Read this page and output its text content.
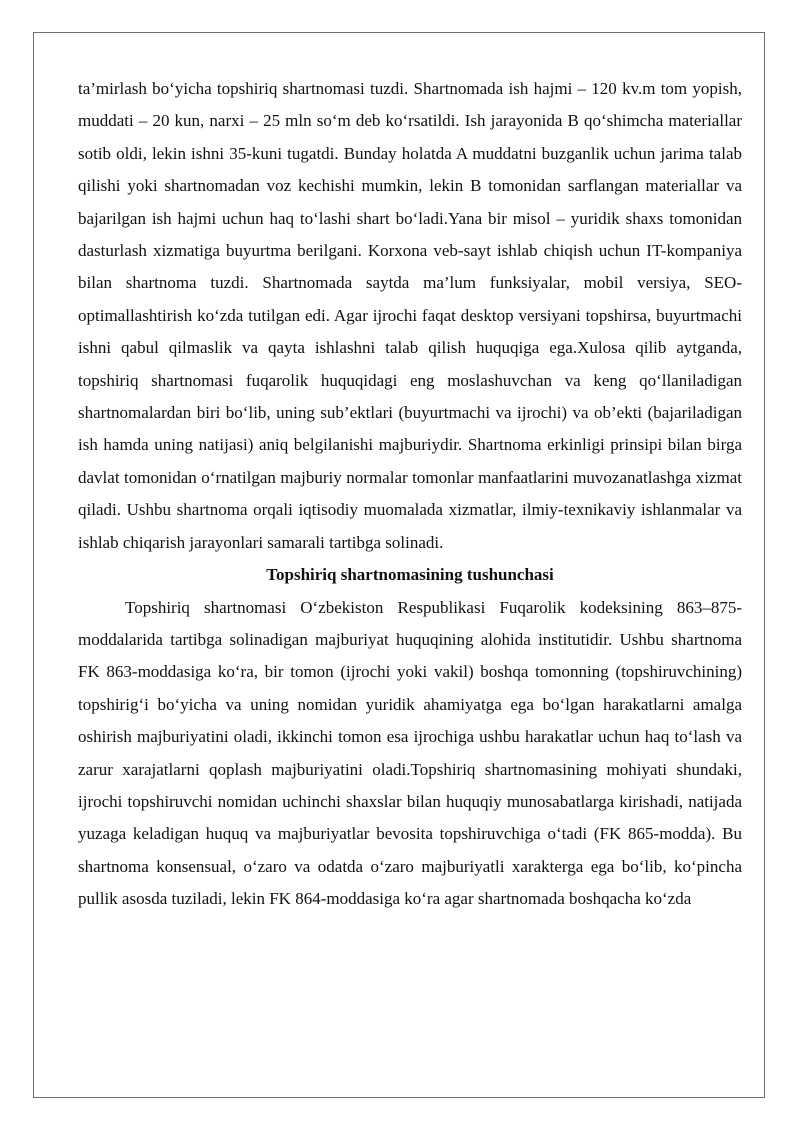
ta’mirlash bo‘yicha topshiriq shartnomasi tuzdi. Shartnomada ish hajmi – 120 kv.m tom yopish, muddati – 20 kun, narxi – 25 mln so‘m deb ko‘rsatildi. Ish jarayonida B qo‘shimcha materiallar sotib oldi, lekin ishni 35-kuni tugatdi. Bunday holatda A muddatni buzganlik uchun jarima talab qilishi yoki shartnomadan voz kechishi mumkin, lekin B tomonidan sarflangan materiallar va bajarilgan ish hajmi uchun haq to‘lashi shart bo‘ladi.Yana bir misol – yuridik shaxs tomonidan dasturlash xizmatiga buyurtma berilgani. Korxona veb-sayt ishlab chiqish uchun IT-kompaniya bilan shartnoma tuzdi. Shartnomada saytda ma’lum funksiyalar, mobil versiya, SEO-optimallashtirish ko‘zda tutilgan edi. Agar ijrochi faqat desktop versiyani topshirsa, buyurtmachi ishni qabul qilmaslik va qayta ishlashni talab qilish huquqiga ega.Xulosa qilib aytganda, topshiriq shartnomasi fuqarolik huquqidagi eng moslashuvchan va keng qo‘llaniladigan shartnomalardan biri bo‘lib, uning sub’ektlari (buyurtmachi va ijrochi) va ob’ekti (bajariladigan ish hamda uning natijasi) aniq belgilanishi majburiydir. Shartnoma erkinligi prinsipi bilan birga davlat tomonidan o‘rnatilgan majburiy normalar tomonlar manfaatlarini muvozanatlashga xizmat qiladi. Ushbu shartnoma orqali iqtisodiy muomalada xizmatlar, ilmiy-texnikaviy ishlanmalar va ishlab chiqarish jarayonlari samarali tartibga solinadi.

Topshiriq shartnomasining tushunchasi

Topshiriq shartnomasi O‘zbekiston Respublikasi Fuqarolik kodeksining 863–875-moddalarida tartibga solinadigan majburiyat huquqining alohida institutidir. Ushbu shartnoma FK 863-moddasiga ko‘ra, bir tomon (ijrochi yoki vakil) boshqa tomonning (topshiruvchining) topshirig‘i bo‘yicha va uning nomidan yuridik ahamiyatga ega bo‘lgan harakatlarni amalga oshirish majburiyatini oladi, ikkinchi tomon esa ijrochiga ushbu harakatlar uchun haq to‘lash va zarur xarajatlarni qoplash majburiyatini oladi.Topshiriq shartnomasining mohiyati shundaki, ijrochi topshiruvchi nomidan uchinchi shaxslar bilan huquqiy munosabatlarga kirishadi, natijada yuzaga keladigan huquq va majburiyatlar bevosita topshiruvchiga o‘tadi (FK 865-modda). Bu shartnoma konsensual, o‘zaro va odatda o‘zaro majburiyatli xarakterga ega bo‘lib, ko‘pincha pullik asosda tuziladi, lekin FK 864-moddasiga ko‘ra agar shartnomada boshqacha ko‘zda
